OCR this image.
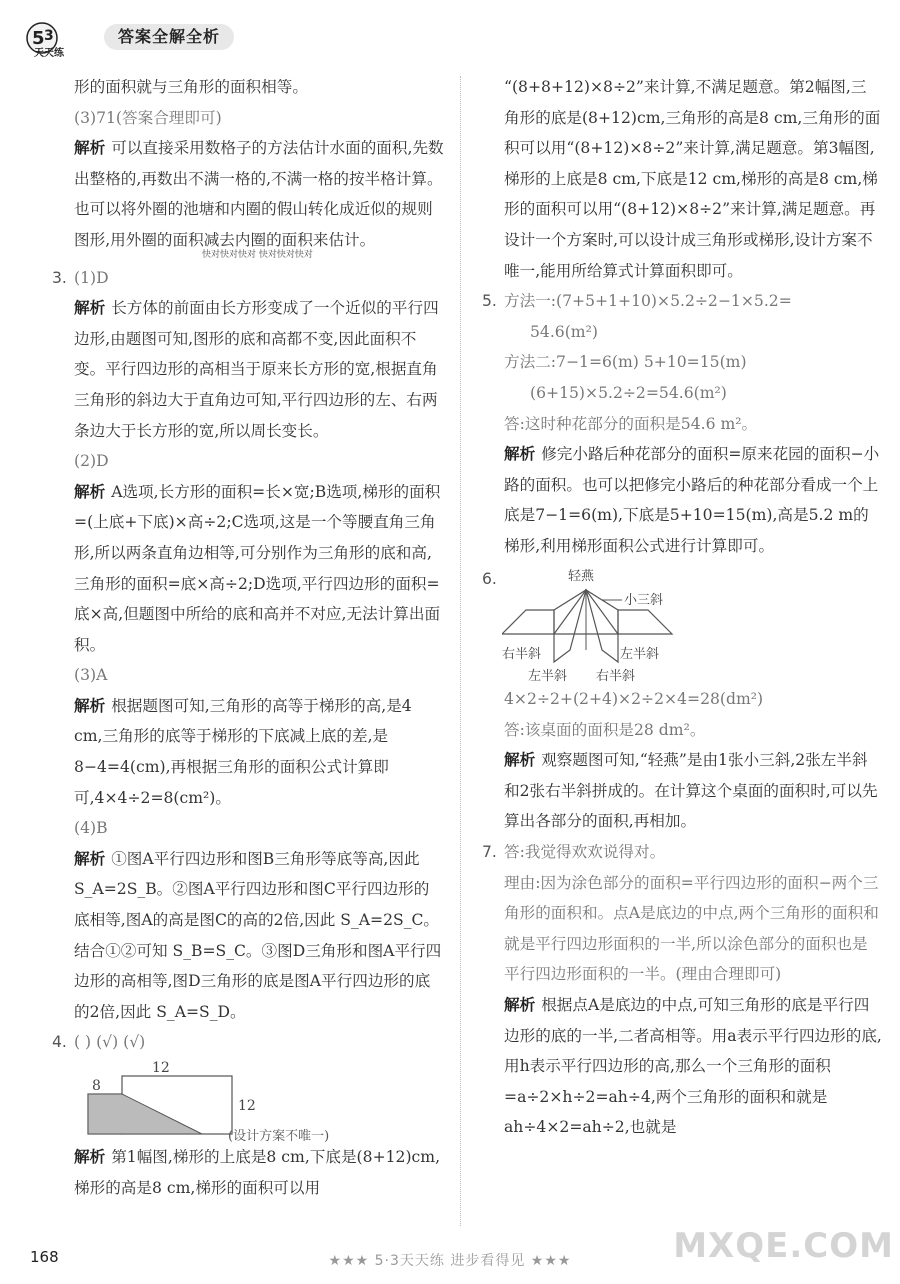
5 3
天天练
答案全解全析

形的面积就与三角形的面积相等。

(3)71(答案合理即可)

解析 可以直接采用数格子的方法估计水面的面积,先数出整格的,再数出不满一格的,不满一格的按半格计算。也可以将外圈的池塘和内圈的假山转化成近似的规则图形,用外圈的面积减去内圈的面积来估计。

快对快对快对 快对快对快对

3. (1)D

解析 长方体的前面由长方形变成了一个近似的平行四边形,由题图可知,图形的底和高都不变,因此面积不变。平行四边形的高相当于原来长方形的宽,根据直角三角形的斜边大于直角边可知,平行四边形的左、右两条边大于长方形的宽,所以周长变长。

(2)D

解析 A选项,长方形的面积=长×宽;B选项,梯形的面积=(上底+下底)×高÷2;C选项,这是一个等腰直角三角形,所以两条直角边相等,可分别作为三角形的底和高,三角形的面积=底×高÷2;D选项,平行四边形的面积=底×高,但题图中所给的底和高并不对应,无法计算出面积。

(3)A

解析 根据题图可知,三角形的高等于梯形的高,是4 cm,三角形的底等于梯形的下底减上底的差,是8−4=4(cm),再根据三角形的面积公式计算即可,4×4÷2=8(cm²)。

(4)B

解析 ①图A平行四边形和图B三角形等底等高,因此 S_A=2S_B。②图A平行四边形和图C平行四边形的底相等,图A的高是图C的高的2倍,因此 S_A=2S_C。结合①②可知 S_B=S_C。③图D三角形和图A平行四边形的高相等,图D三角形的底是图A平行四边形的底的2倍,因此 S_A=S_D。

4. ( ) (√) (√)

12
8
12
(设计方案不唯一)

解析 第1幅图,梯形的上底是8 cm,下底是(8+12)cm,梯形的高是8 cm,梯形的面积可以用

“(8+8+12)×8÷2”来计算,不满足题意。第2幅图,三角形的底是(8+12)cm,三角形的高是8 cm,三角形的面积可以用“(8+12)×8÷2”来计算,满足题意。第3幅图,梯形的上底是8 cm,下底是12 cm,梯形的高是8 cm,梯形的面积可以用“(8+12)×8÷2”来计算,满足题意。再设计一个方案时,可以设计成三角形或梯形,设计方案不唯一,能用所给算式计算面积即可。

5. 方法一:(7+5+1+10)×5.2÷2−1×5.2=

54.6(m²)

方法二:7−1=6(m) 5+10=15(m)

(6+15)×5.2÷2=54.6(m²)

答:这时种花部分的面积是54.6 m²。

解析 修完小路后种花部分的面积=原来花园的面积−小路的面积。也可以把修完小路后的种花部分看成一个上底是7−1=6(m),下底是5+10=15(m),高是5.2 m的梯形,利用梯形面积公式进行计算即可。

6.	轻燕
小三斜
右半斜	左半斜
左半斜 右半斜

4×2÷2+(2+4)×2÷2×4=28(dm²)

答:该桌面的面积是28 dm²。

解析 观察题图可知,“轻燕”是由1张小三斜,2张左半斜和2张右半斜拼成的。在计算这个桌面的面积时,可以先算出各部分的面积,再相加。

7. 答:我觉得欢欢说得对。

理由:因为涂色部分的面积=平行四边形的面积−两个三角形的面积和。点A是底边的中点,两个三角形的面积和就是平行四边形面积的一半,所以涂色部分的面积也是平行四边形面积的一半。(理由合理即可)

解析 根据点A是底边的中点,可知三角形的底是平行四边形的底的一半,二者高相等。用a表示平行四边形的底,用h表示平行四边形的高,那么一个三角形的面积=a÷2×h÷2=ah÷4,两个三角形的面积和就是 ah÷4×2=ah÷2,也就是

168	★★★ 5·3天天练 进步看得见 ★★★	MXQE.COM
